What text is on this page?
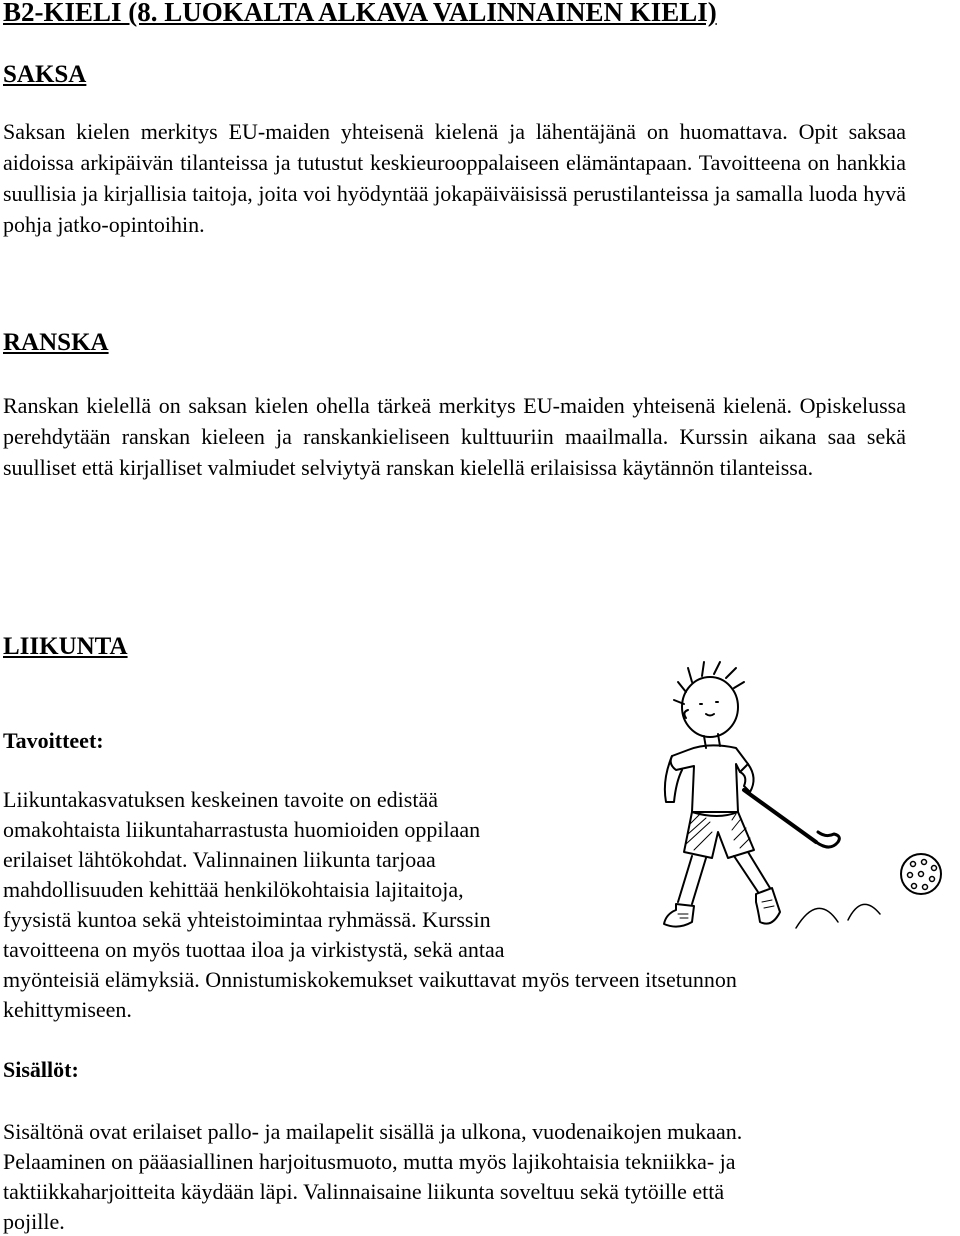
B2-KIELI (8. LUOKALTA ALKAVA VALINNAINEN KIELI)
SAKSA

Saksan kielen merkitys EU-maiden yhteisenä kielenä ja lähentäjänä on huomattava. Opit saksaa aidoissa arkipäivän tilanteissa ja tutustut keskieurooppalaiseen elämäntapaan. Tavoitteena on hankkia suullisia ja kirjallisia taitoja, joita voi hyödyntää jokapäiväisissä perustilanteissa ja samalla luoda hyvä pohja jatko-opintoihin.

RANSKA

Ranskan kielellä on saksan kielen ohella tärkeä merkitys EU-maiden yhteisenä kielenä. Opiskelussa perehdytään ranskan kieleen ja ranskankieliseen kulttuuriin maailmalla. Kurssin aikana saa sekä suulliset että kirjalliset valmiudet selviytyä ranskan kielellä erilaisissa käytännön tilanteissa.

LIIKUNTA
Tavoitteet:

Liikuntakasvatuksen keskeinen tavoite on edistää

omakohtaista liikuntaharrastusta huomioiden oppilaan

erilaiset lähtökohdat. Valinnainen liikunta tarjoaa

mahdollisuuden kehittää henkilökohtaisia lajitaitoja,

fyysistä kuntoa sekä yhteistoimintaa ryhmässä. Kurssin

tavoitteena on myös tuottaa iloa ja virkistystä, sekä antaa

myönteisiä elämyksiä. Onnistumiskokemukset vaikuttavat myös terveen itsetunnon

kehittymiseen.

Sisällöt:

Sisältönä ovat erilaiset pallo- ja mailapelit sisällä ja ulkona, vuodenaikojen mukaan.

Pelaaminen on pääasiallinen harjoitusmuoto, mutta myös lajikohtaisia tekniikka- ja

taktiikkaharjoitteita käydään läpi. Valinnaisaine liikunta soveltuu sekä tytöille että

pojille.
